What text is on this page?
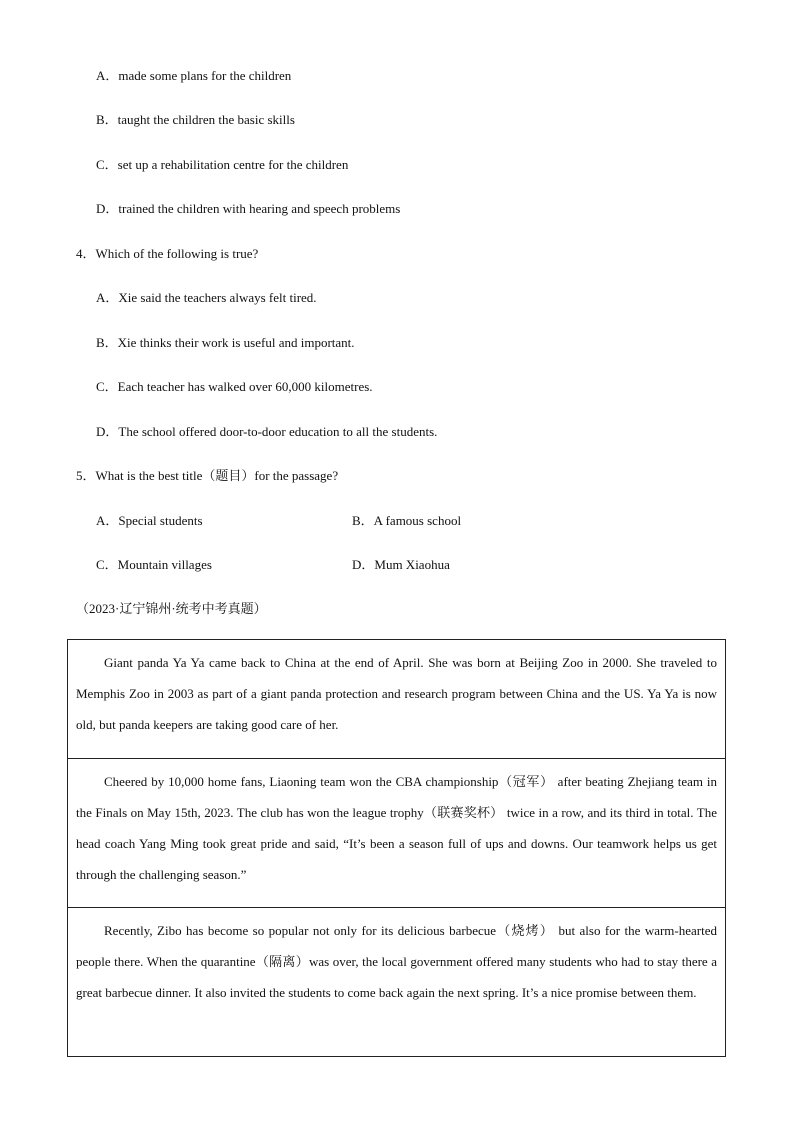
A．made some plans for the children
B．taught the children the basic skills
C．set up a rehabilitation centre for the children
D．trained the children with hearing and speech problems
4．Which of the following is true?
A．Xie said the teachers always felt tired.
B．Xie thinks their work is useful and important.
C．Each teacher has walked over 60,000 kilometres.
D．The school offered door-to-door education to all the students.
5．What is the best title（题目）for the passage?
A．Special students	B．A famous school
C．Mountain villages	D．Mum Xiaohua
（2023·辽宁锦州·统考中考真题）
Giant panda Ya Ya came back to China at the end of April. She was born at Beijing Zoo in 2000. She traveled to Memphis Zoo in 2003 as part of a giant panda protection and research program between China and the US. Ya Ya is now old, but panda keepers are taking good care of her.
Cheered by 10,000 home fans, Liaoning team won the CBA championship（冠军） after beating Zhejiang team in the Finals on May 15th, 2023. The club has won the league trophy（联赛奖杯） twice in a row, and its third in total. The head coach Yang Ming took great pride and said, “It’s been a season full of ups and downs. Our teamwork helps us get through the challenging season.”
Recently, Zibo has become so popular not only for its delicious barbecue（烧烤） but also for the warm-hearted people there. When the quarantine（隔离）was over, the local government offered many students who had to stay there a great barbecue dinner. It also invited the students to come back again the next spring. It’s a nice promise between them.
